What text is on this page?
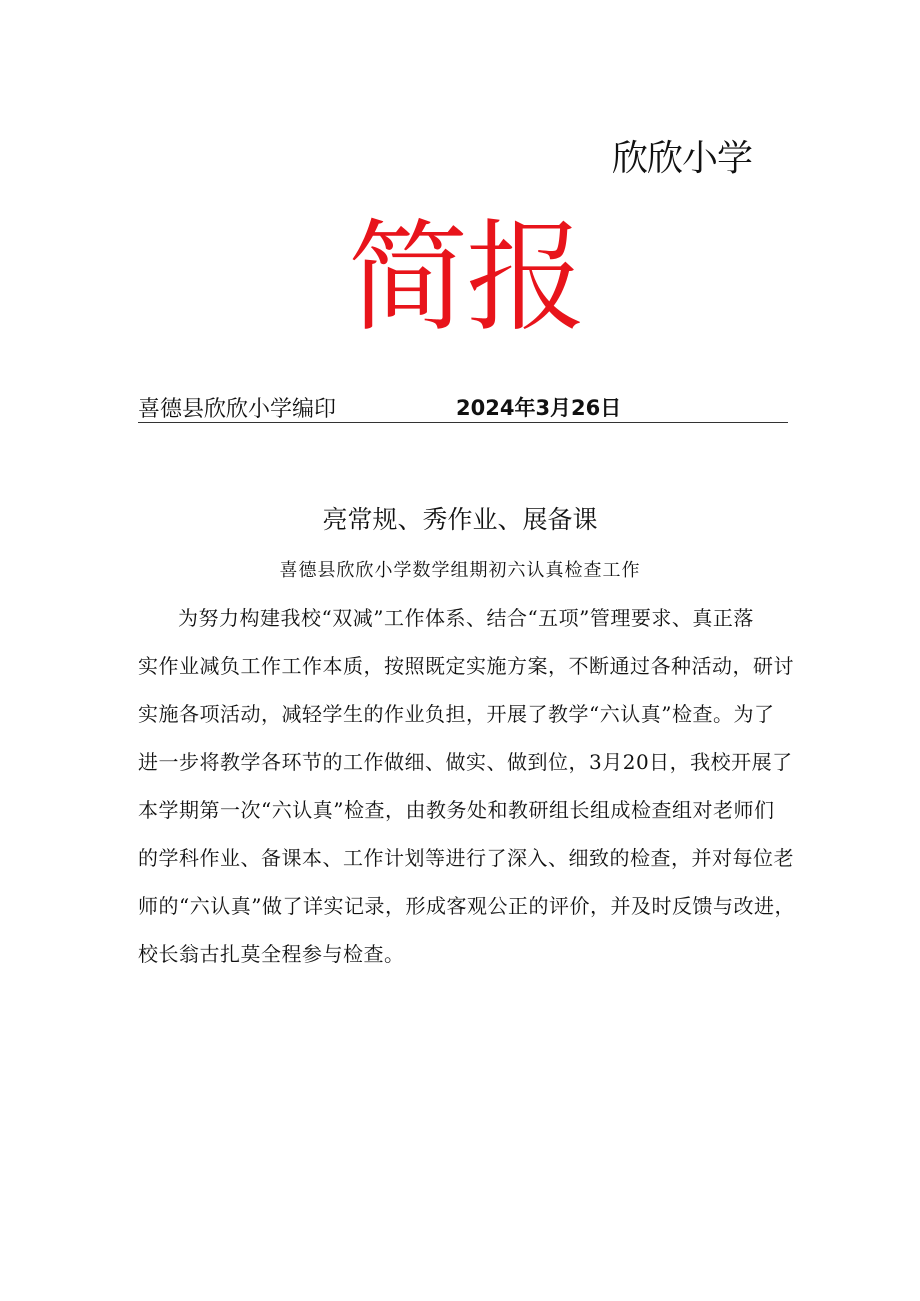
欣欣小学
简报
喜德县欣欣小学编印	2024年3月26日
亮常规、秀作业、展备课
喜德县欣欣小学数学组期初六认真检查工作
为努力构建我校“双减”工作体系、结合“五项”管理要求、真正落
实作业减负工作工作本质，按照既定实施方案，不断通过各种活动，研讨
实施各项活动，减轻学生的作业负担，开展了教学“六认真”检查。为了
进一步将教学各环节的工作做细、做实、做到位，3月20日，我校开展了
本学期第一次“六认真”检查，由教务处和教研组长组成检查组对老师们
的学科作业、备课本、工作计划等进行了深入、细致的检查，并对每位老
师的“六认真”做了详实记录，形成客观公正的评价，并及时反馈与改进，
校长翁古扎莫全程参与检查。
